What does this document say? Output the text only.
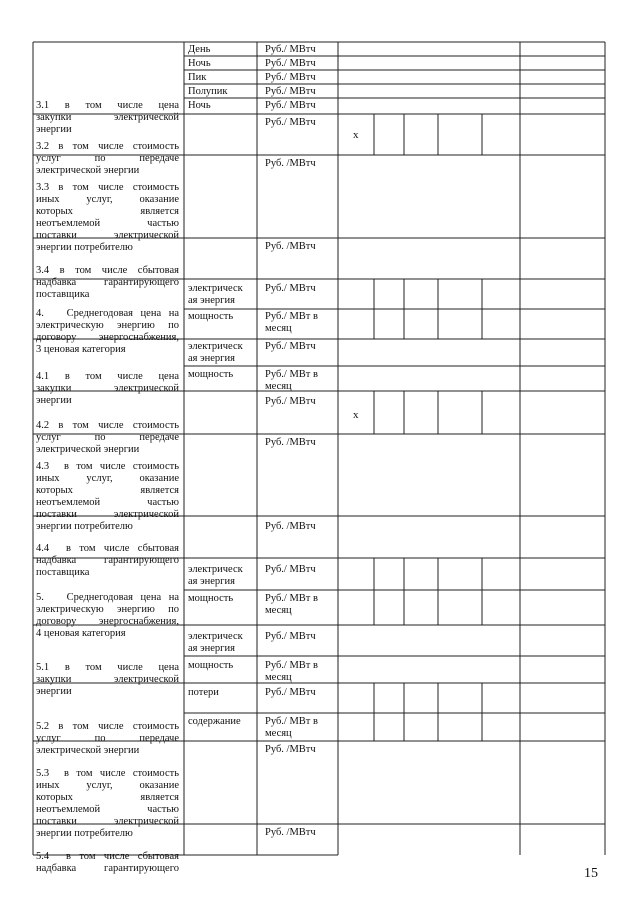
3.1   в   том   числе   цена
закупки       электрической
энергии

День
Ночь
Пик
Полупик
Ночь
Руб./ МВтч
Руб./ МВтч
Руб./ МВтч
Руб./ МВтч
Руб./ МВтч

3.2 в том числе стоимость
услуг      по      передаче
электрической энергии

Руб./ МВтч
x

3.3 в том числе стоимость
иных    услуг,    оказание
которых             является
неотъемлемой          частью
поставки    электрической
энергии потребителю

Руб. /МВтч

3.4 в том числе сбытовая
надбавка    гарантирующего
поставщика

Руб. /МВтч

4.   Среднегодовая цена на
электрическую энергию по
договору энергоснабжения,
3 ценовая категория

электрическ
ая энергия
мощность
Руб./ МВтч
Руб./ МВт в
месяц

4.1    в    том    числе    цена
закупки       электрической
энергии

электрическ
ая энергия
мощность
Руб./ МВтч
Руб./ МВт в
месяц

4.2 в том числе стоимость
услуг      по      передаче
электрической энергии

Руб./ МВтч
x

4.3  в том числе стоимость
иных    услуг,    оказание
которых             является
неотъемлемой          частью
поставки    электрической
энергии потребителю

Руб. /МВтч

4.4  в том числе сбытовая
надбавка    гарантирующего
поставщика

Руб. /МВтч

5.   Среднегодовая цена на
электрическую энергию по
договору энергоснабжения,
4 ценовая категория

электрическ
ая энергия
мощность
Руб./ МВтч
Руб./ МВт в
месяц

5.1    в    том    числе    цена
закупки       электрической
энергии

электрическ
ая энергия
мощность
Руб./ МВтч
Руб./ МВт в
месяц

5.2 в том числе стоимость
услуг      по      передаче
электрической энергии

потери
содержание
Руб./ МВтч
Руб./ МВт в
месяц

5.3  в том числе стоимость
иных    услуг,    оказание
которых             является
неотъемлемой          частью
поставки    электрической
энергии потребителю

Руб. /МВтч

5.4  в том числе сбытовая
надбавка    гарантирующего

Руб. /МВтч
15
